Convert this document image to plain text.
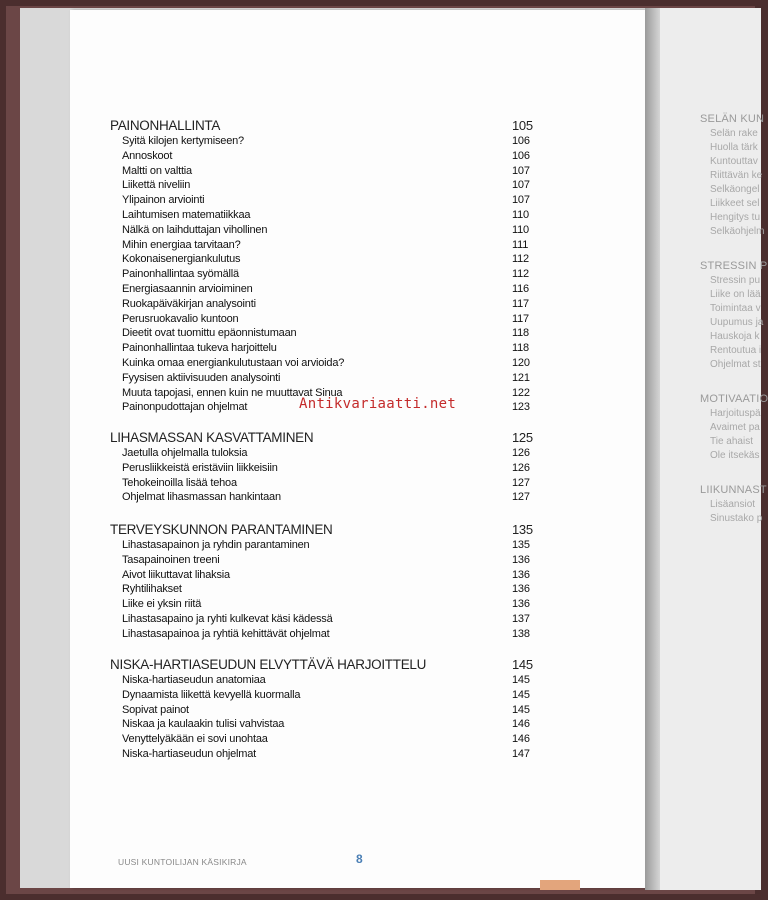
PAINONHALLINTA	105
Syitä kilojen kertymiseen?	106
Annoskoot	106
Maltti on valttia	107
Liikettä niveliin	107
Ylipainon arviointi	107
Laihtumisen matematiikkaa	110
Nälkä on laihduttajan vihollinen	110
Mihin energiaa tarvitaan?	111
Kokonaisenergiankulutus	112
Painonhallintaa syömällä	112
Energiasaannin arvioiminen	116
Ruokapäiväkirjan analysointi	117
Perusruokavalio kuntoon	117
Dieetit ovat tuomittu epäonnistumaan	118
Painonhallintaa tukeva harjoittelu	118
Kuinka omaa energiankulutustaan voi arvioida?	120
Fyysisen aktiivisuuden analysointi	121
Muuta tapojasi, ennen kuin ne muuttavat Sinua	122
Painonpudottajan ohjelmat	123
LIHASMASSAN KASVATTAMINEN	125
Jaetulla ohjelmalla tuloksia	126
Perusliikkeistä eristäviin liikkeisiin	126
Tehokeinoilla lisää tehoa	127
Ohjelmat lihasmassan hankintaan	127
TERVEYSKUNNON PARANTAMINEN	135
Lihastasapainon ja ryhdin parantaminen	135
Tasapainoinen treeni	136
Aivot liikuttavat lihaksia	136
Ryhtilihakset	136
Liike ei yksin riitä	136
Lihastasapaino ja ryhti kulkevat käsi kädessä	137
Lihastasapainoa ja ryhtiä kehittävät ohjelmat	138
NISKA-HARTIASEUDUN ELVYTTÄVÄ HARJOITTELU	145
Niska-hartiaseudun anatomiaa	145
Dynaamista liikettä kevyellä kuormalla	145
Sopivat painot	145
Niskaa ja kaulaakin tulisi vahvistaa	146
Venyttelyäkään ei sovi unohtaa	146
Niska-hartiaseudun ohjelmat	147
Antikvariaatti.net
UUSI KUNTOILIJAN KÄSIKIRJA	8
SELÄN KUN
Selän rake
Huolla tärk
Kuntouttav
Riittävän ke
Selkäongel
Liikkeet sel
Hengitys tu
Selkäohjelm
STRESSIN P
Stressin pu
Liike on lää
Toimintaa v
Uupumus ja
Hauskoja k
Rentoutua i
Ohjelmat st
MOTIVAATIO
Harjoituspä
Avaimet pa
Tie ahaist
Ole itsekäs
LIIKUNNAST
Lisäansiot
Sinustako p
